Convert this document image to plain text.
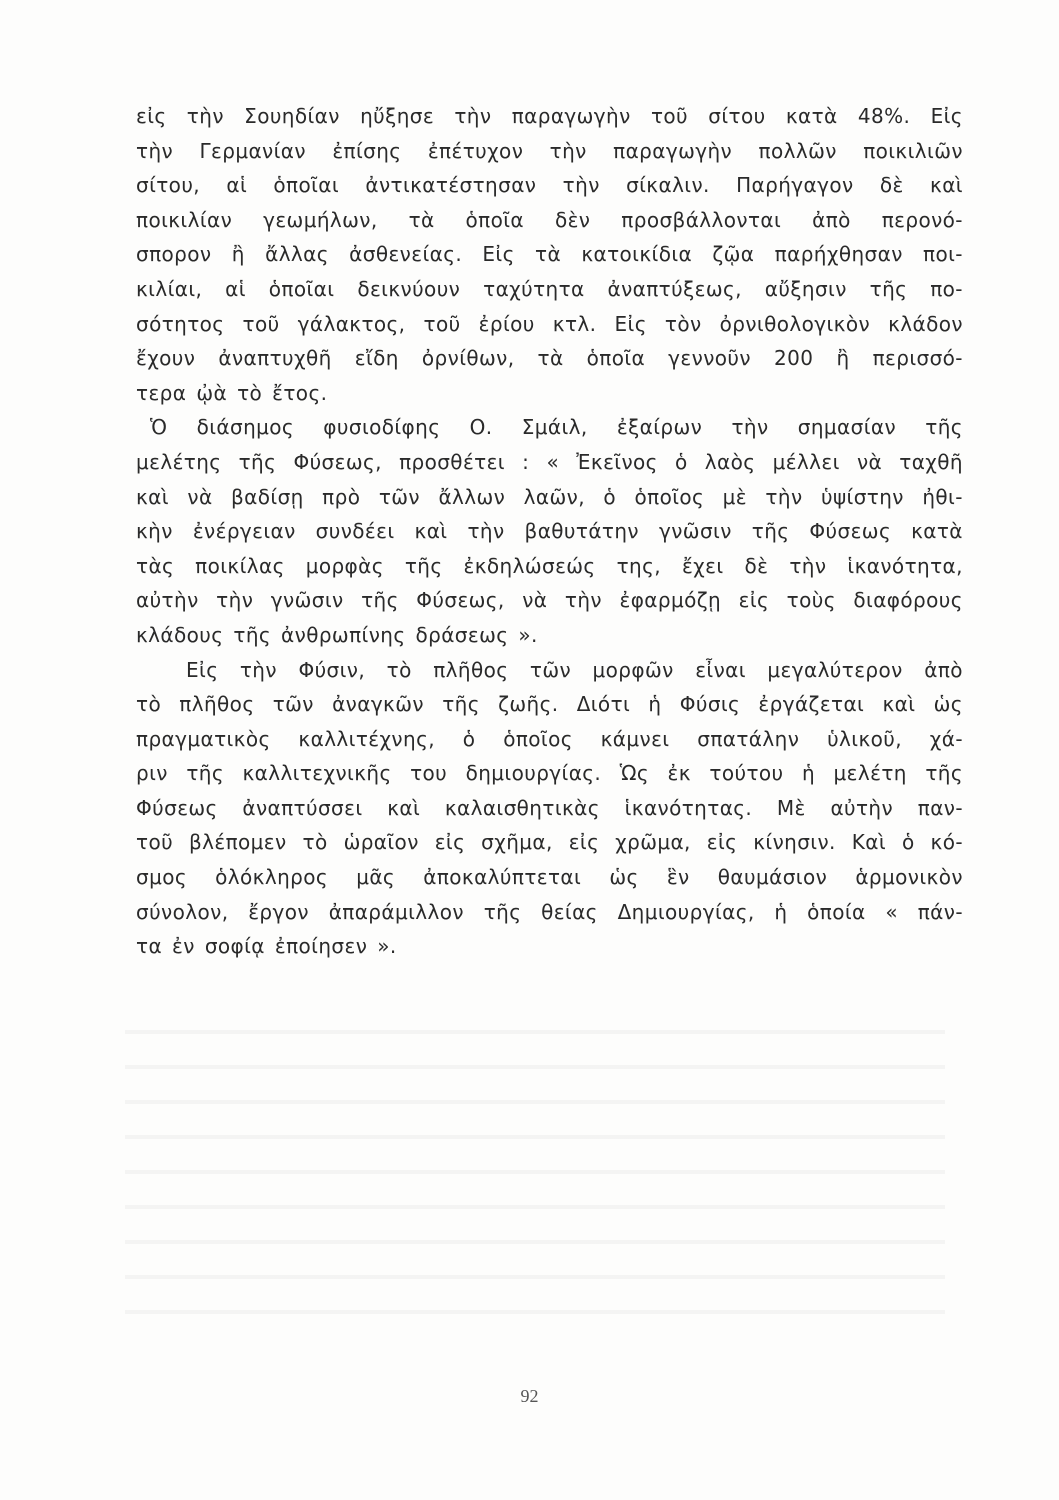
εἰς τὴν Σουηδίαν ηὔξησε τὴν παραγωγὴν τοῦ σίτου κατὰ 48%. Εἰς
τὴν Γερμανίαν ἐπίσης ἐπέτυχον τὴν παραγωγὴν πολλῶν ποικιλιῶν
σίτου, αἱ ὁποῖαι ἀντικατέστησαν τὴν σίκαλιν. Παρήγαγον δὲ καὶ
ποικιλίαν γεωμήλων, τὰ ὁποῖα δὲν προσβάλλονται ἀπὸ περονό-
σπορον ἢ ἄλλας ἀσθενείας. Εἰς τὰ κατοικίδια ζῷα παρήχθησαν ποι-
κιλίαι, αἱ ὁποῖαι δεικνύουν ταχύτητα ἀναπτύξεως, αὔξησιν τῆς πο-
σότητος τοῦ γάλακτος, τοῦ ἐρίου κτλ. Εἰς τὸν ὀρνιθολογικὸν κλάδον
ἔχουν ἀναπτυχθῆ εἴδη ὀρνίθων, τὰ ὁποῖα γεννοῦν 200 ἢ περισσό-
τερα ᾠὰ τὸ ἔτος.
Ὁ διάσημος φυσιοδίφης Ο. Σμάιλ, ἐξαίρων τὴν σημασίαν τῆς
μελέτης τῆς Φύσεως, προσθέτει : « Ἐκεῖνος ὁ λαὸς μέλλει νὰ ταχθῆ
καὶ νὰ βαδίσῃ πρὸ τῶν ἄλλων λαῶν, ὁ ὁποῖος μὲ τὴν ὑψίστην ἠθι-
κὴν ἐνέργειαν συνδέει καὶ τὴν βαθυτάτην γνῶσιν τῆς Φύσεως κατὰ
τὰς ποικίλας μορφὰς τῆς ἐκδηλώσεώς της, ἔχει δὲ τὴν ἱκανότητα,
αὐτὴν τὴν γνῶσιν τῆς Φύσεως, νὰ τὴν ἐφαρμόζῃ εἰς τοὺς διαφόρους
κλάδους τῆς ἀνθρωπίνης δράσεως ».
Εἰς τὴν Φύσιν, τὸ πλῆθος τῶν μορφῶν εἶναι μεγαλύτερον ἀπὸ
τὸ πλῆθος τῶν ἀναγκῶν τῆς ζωῆς. Διότι ἡ Φύσις ἐργάζεται καὶ ὡς
πραγματικὸς καλλιτέχνης, ὁ ὁποῖος κάμνει σπατάλην ὑλικοῦ, χά-
ριν τῆς καλλιτεχνικῆς του δημιουργίας. Ὡς ἐκ τούτου ἡ μελέτη τῆς
Φύσεως ἀναπτύσσει καὶ καλαισθητικὰς ἱκανότητας. Μὲ αὐτὴν παν-
τοῦ βλέπομεν τὸ ὡραῖον εἰς σχῆμα, εἰς χρῶμα, εἰς κίνησιν. Καὶ ὁ κό-
σμος ὁλόκληρος μᾶς ἀποκαλύπτεται ὡς ἓν θαυμάσιον ἁρμονικὸν
σύνολον, ἔργον ἀπαράμιλλον τῆς θείας Δημιουργίας, ἡ ὁποία « πάν-
τα ἐν σοφίᾳ ἐποίησεν ».
92
